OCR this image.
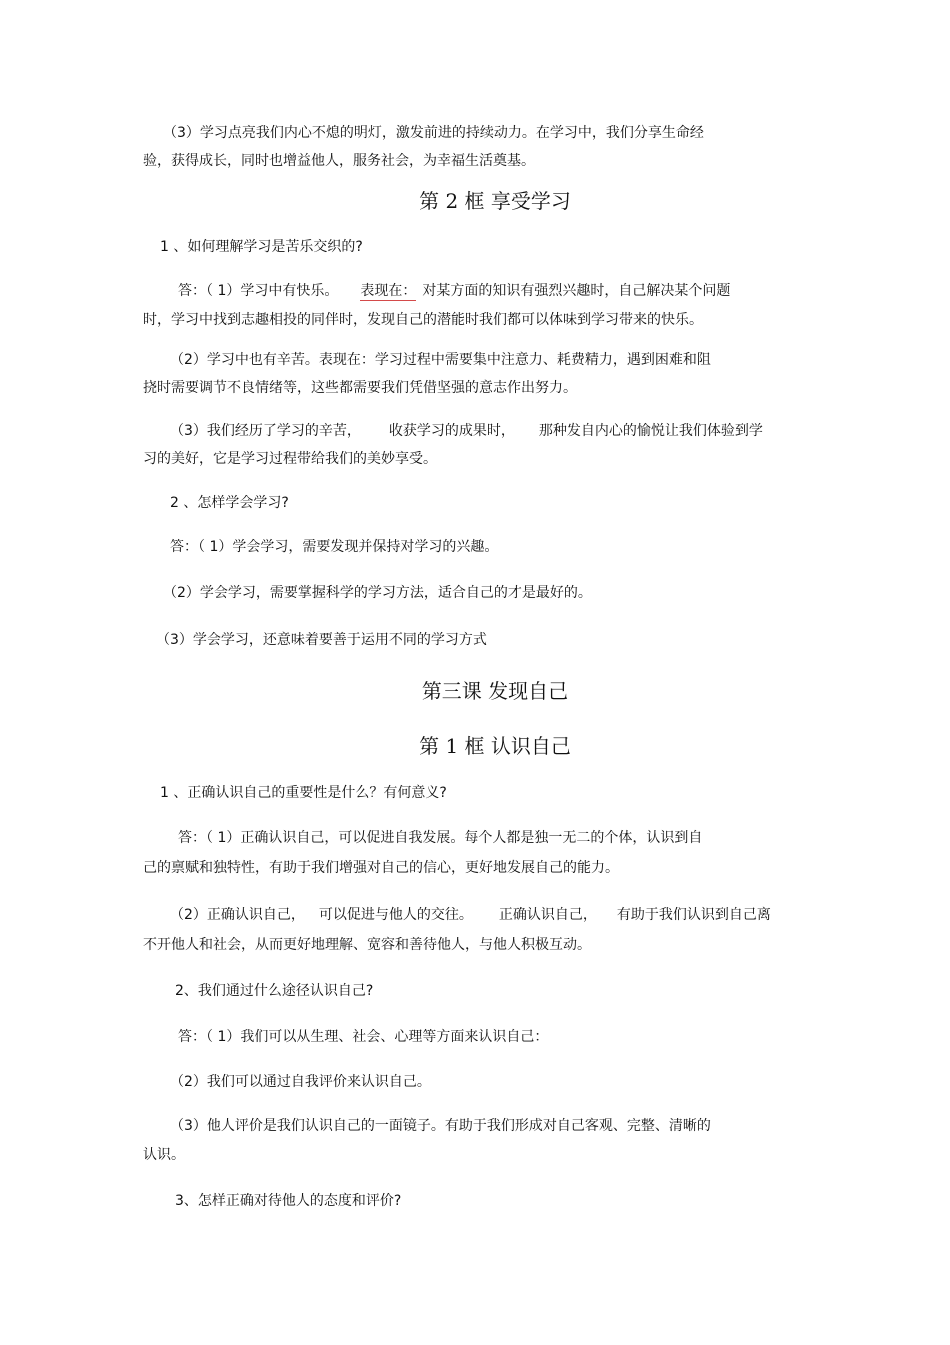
（3）学习点亮我们内心不熄的明灯，激发前进的持续动力。在学习中，我们分享生命经
验，获得成长，同时也增益他人，服务社会，为幸福生活奠基。
第 2 框 享受学习
1 、如何理解学习是苦乐交织的?
答：（ 1）学习中有快乐。 表现在： 对某方面的知识有强烈兴趣时，自己解决某个问题
时，学习中找到志趣相投的同伴时，发现自己的潜能时我们都可以体味到学习带来的快乐。
（2）学习中也有辛苦。表现在：学习过程中需要集中注意力、耗费精力，遇到困难和阻
挠时需要调节不良情绪等，这些都需要我们凭借坚强的意志作出努力。
（3）我们经历了学习的辛苦， 收获学习的成果时， 那种发自内心的愉悦让我们体验到学
习的美好，它是学习过程带给我们的美妙享受。
2 、怎样学会学习?
答：（ 1）学会学习，需要发现并保持对学习的兴趣。
（2）学会学习，需要掌握科学的学习方法，适合自己的才是最好的。
（3）学会学习，还意味着要善于运用不同的学习方式
第三课 发现自己
第 1 框 认识自己
1 、正确认识自己的重要性是什么？有何意义?
答：（ 1）正确认识自己，可以促进自我发展。每个人都是独一无二的个体，认识到自
己的禀赋和独特性，有助于我们增强对自己的信心，更好地发展自己的能力。
（2）正确认识自己， 可以促进与他人的交往。 正确认识自己， 有助于我们认识到自己离
不开他人和社会，从而更好地理解、宽容和善待他人，与他人积极互动。
2、我们通过什么途径认识自己?
答：（ 1）我们可以从生理、社会、心理等方面来认识自己：
（2）我们可以通过自我评价来认识自己。
（3）他人评价是我们认识自己的一面镜子。有助于我们形成对自己客观、完整、清晰的
认识。
3、怎样正确对待他人的态度和评价?
